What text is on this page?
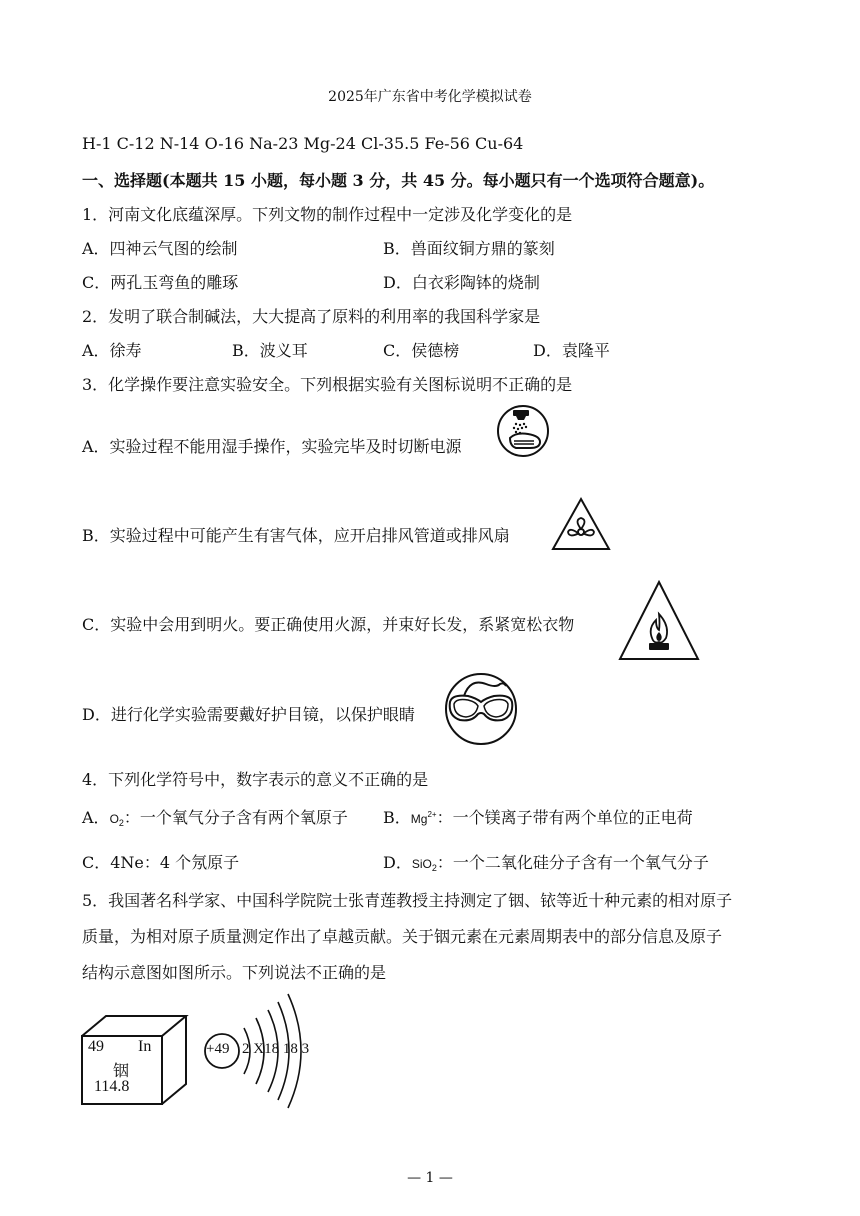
2025年广东省中考化学模拟试卷
H-1 C-12 N-14 O-16 Na-23 Mg-24 Cl-35.5 Fe-56 Cu-64
一、选择题(本题共 15 小题，每小题 3 分，共 45 分。每小题只有一个选项符合题意)。
1．河南文化底蕴深厚。下列文物的制作过程中一定涉及化学变化的是
A．四神云气图的绘制	B．兽面纹铜方鼎的篆刻
C．两孔玉弯鱼的雕琢	D．白衣彩陶钵的烧制
2．发明了联合制碱法，大大提高了原料的利用率的我国科学家是
A．徐寿	B．波义耳	C．侯德榜	D．袁隆平
3．化学操作要注意实验安全。下列根据实验有关图标说明不正确的是
A．实验过程不能用湿手操作，实验完毕及时切断电源
B．实验过程中可能产生有害气体，应开启排风管道或排风扇
C．实验中会用到明火。要正确使用火源，并束好长发，系紧宽松衣物
D．进行化学实验需要戴好护目镜，以保护眼睛
4．下列化学符号中，数字表示的意义不正确的是
A．$O_2$：一个氧气分子含有两个氧原子 B．$Mg^{2+}$：一个镁离子带有两个单位的正电荷
C．4Ne：4 个氖原子	D．SiO$_2$：一个二氧化硅分子含有一个氧气分子
5．我国著名科学家、中国科学院院士张青莲教授主持测定了铟、铱等近十种元素的相对原子
质量，为相对原子质量测定作出了卓越贡献。关于铟元素在元素周期表中的部分信息及原子
结构示意图如图所示。下列说法不正确的是
49 In
铟
114.8
+49 2 X18 18 3
— 1 —
